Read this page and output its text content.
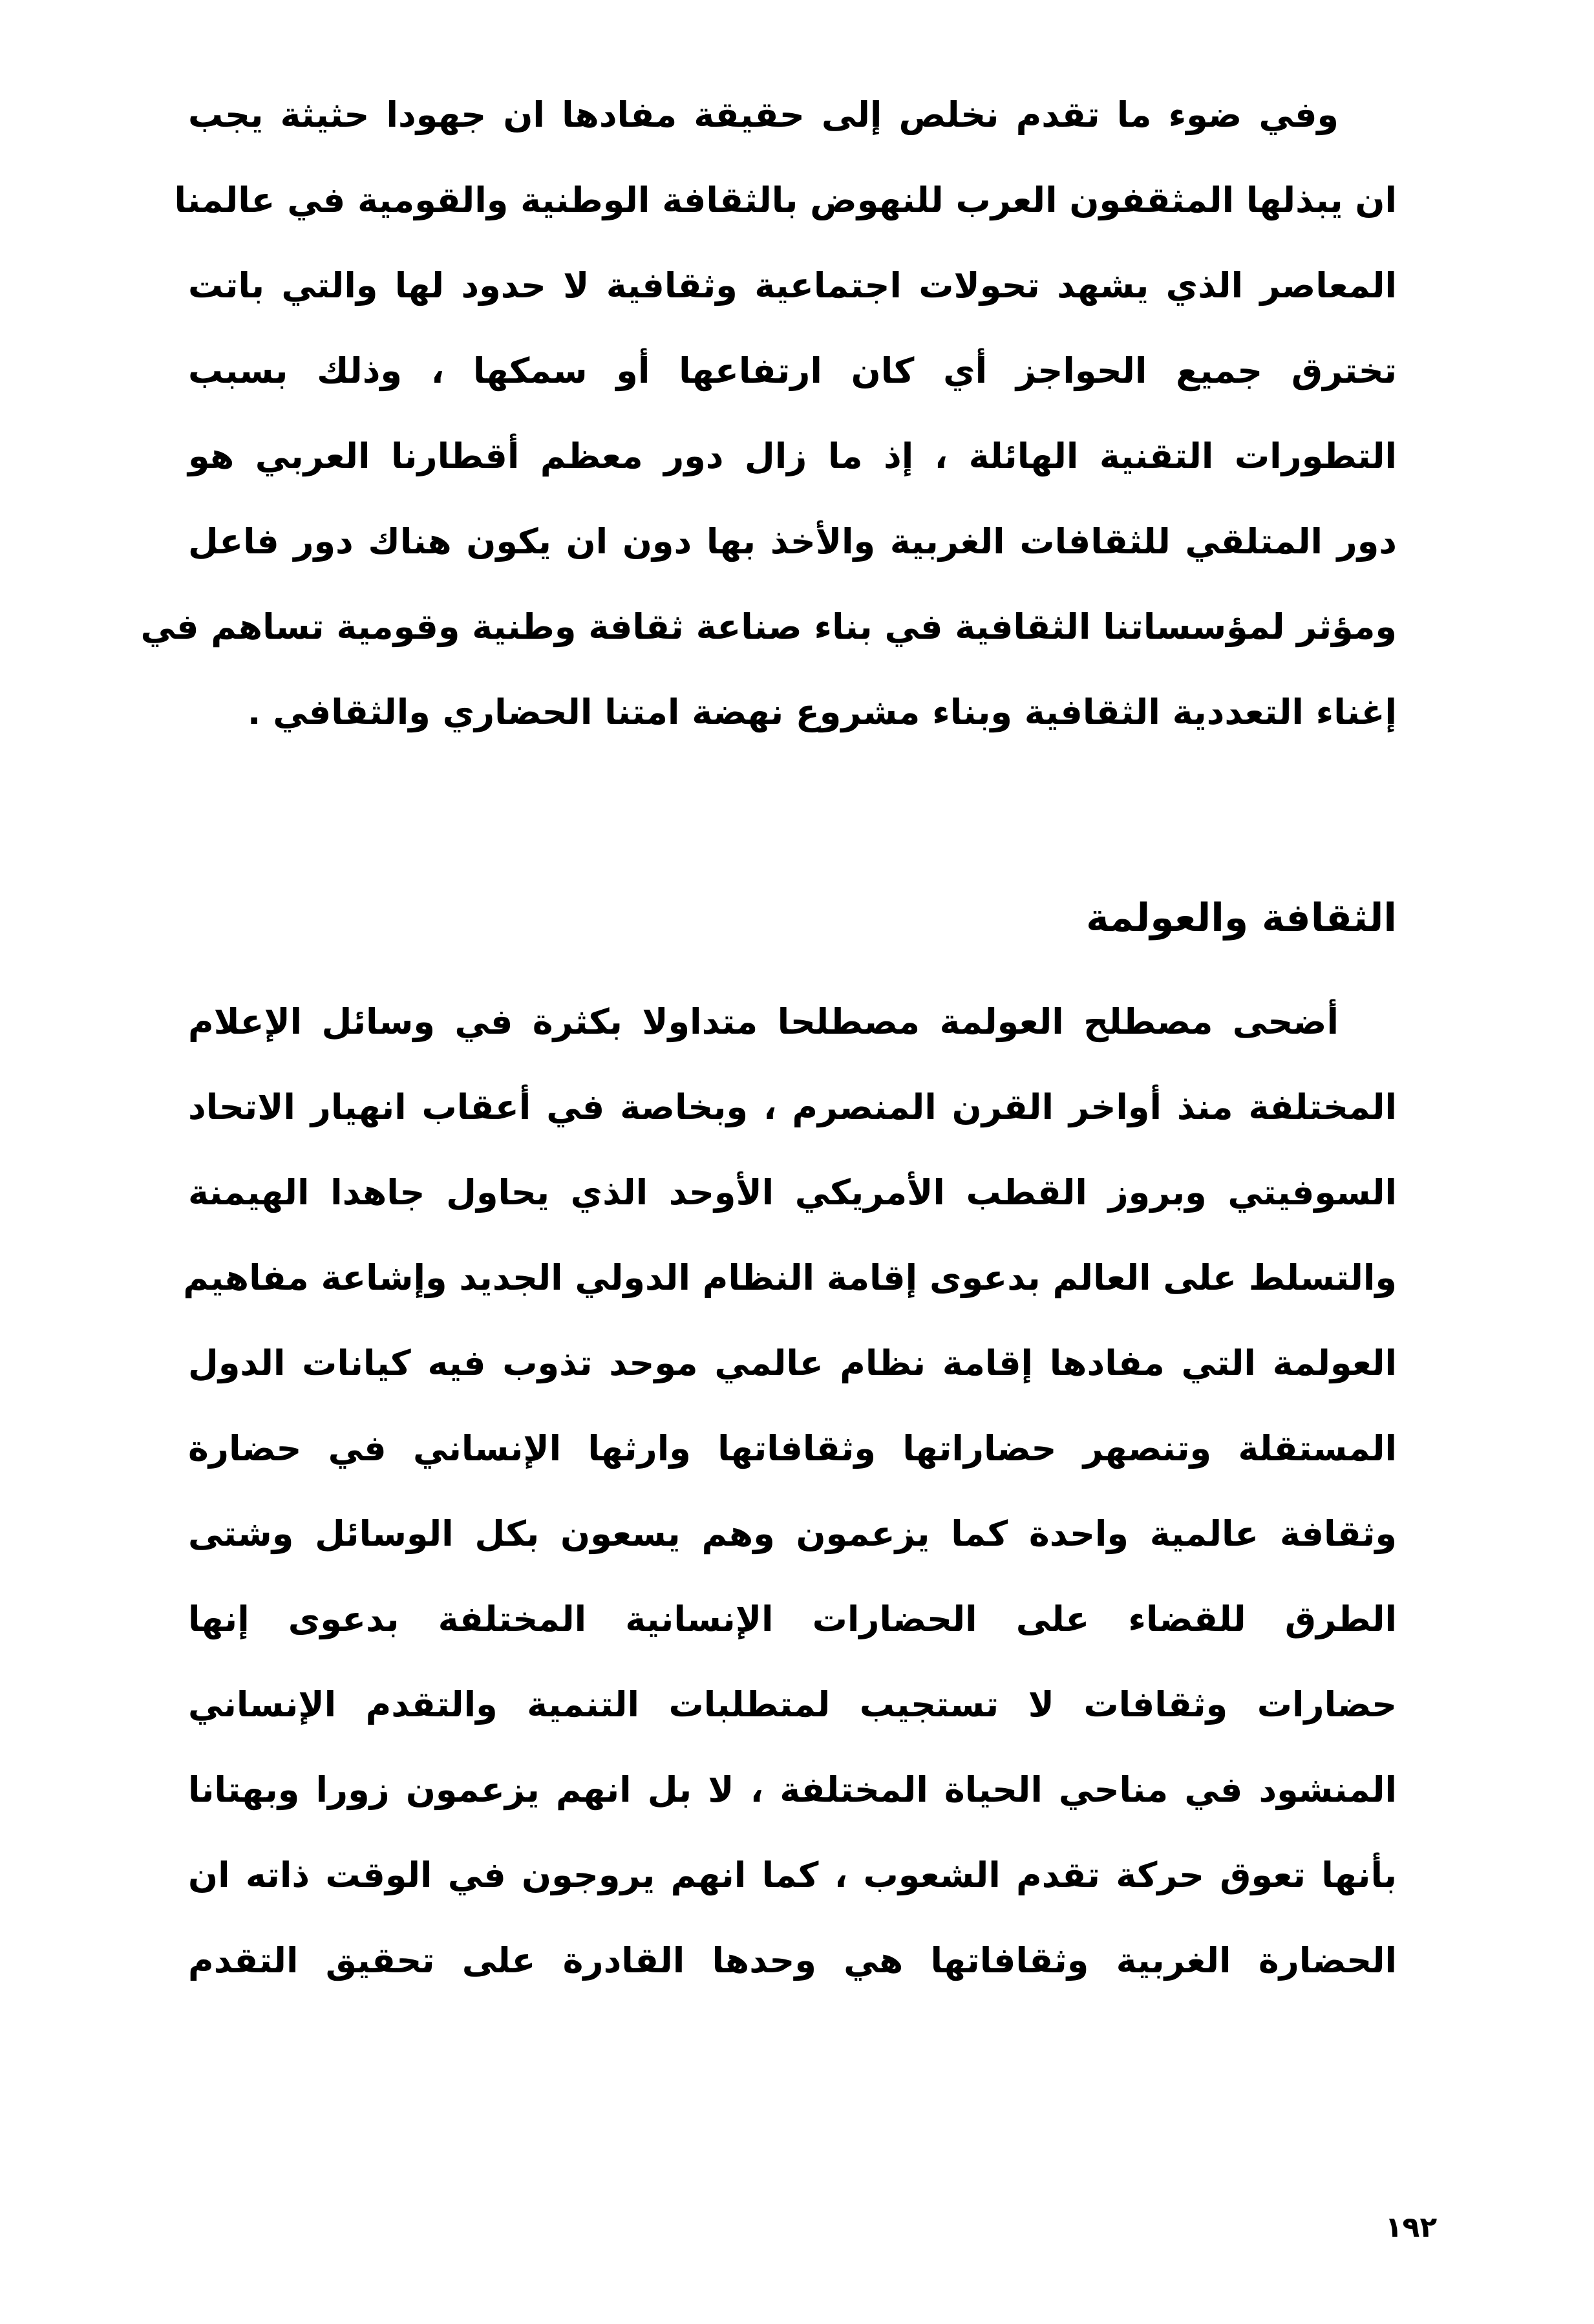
وفي ضوء ما تقدم نخلص إلى حقيقة مفادها ان جهودا حثيثة يجب
ان يبذلها المثقفون العرب للنهوض بالثقافة الوطنية والقومية في عالمنا
المعاصر الذي يشهد تحولات اجتماعية وثقافية لا حدود لها والتي باتت
تخترق جميع الحواجز أي كان ارتفاعها أو سمكها ، وذلك بسبب
التطورات التقنية الهائلة ، إذ ما زال دور معظم أقطارنا العربي هو
دور المتلقي للثقافات الغربية والأخذ بها دون ان يكون هناك دور فاعل
ومؤثر لمؤسساتنا الثقافية في بناء صناعة ثقافة وطنية وقومية تساهم في
إغناء التعددية الثقافية وبناء مشروع نهضة امتنا الحضاري والثقافي .
الثقافة والعولمة
أضحى مصطلح العولمة مصطلحا متداولا بكثرة في وسائل الإعلام
المختلفة منذ أواخر القرن المنصرم ، وبخاصة في أعقاب انهيار الاتحاد
السوفيتي وبروز القطب الأمريكي الأوحد الذي يحاول جاهدا الهيمنة
والتسلط على العالم بدعوى إقامة النظام الدولي الجديد وإشاعة مفاهيم
العولمة التي مفادها إقامة نظام عالمي موحد تذوب فيه كيانات الدول
المستقلة وتنصهر حضاراتها وثقافاتها وارثها الإنساني في حضارة
وثقافة عالمية واحدة كما يزعمون وهم يسعون بكل الوسائل وشتى
الطرق للقضاء على الحضارات الإنسانية المختلفة بدعوى إنها
حضارات وثقافات لا تستجيب لمتطلبات التنمية والتقدم الإنساني
المنشود في مناحي الحياة المختلفة ، لا بل انهم يزعمون زورا وبهتانا
بأنها تعوق حركة تقدم الشعوب ، كما انهم يروجون في الوقت ذاته ان
الحضارة الغربية وثقافاتها هي وحدها القادرة على تحقيق التقدم
١٩٢
